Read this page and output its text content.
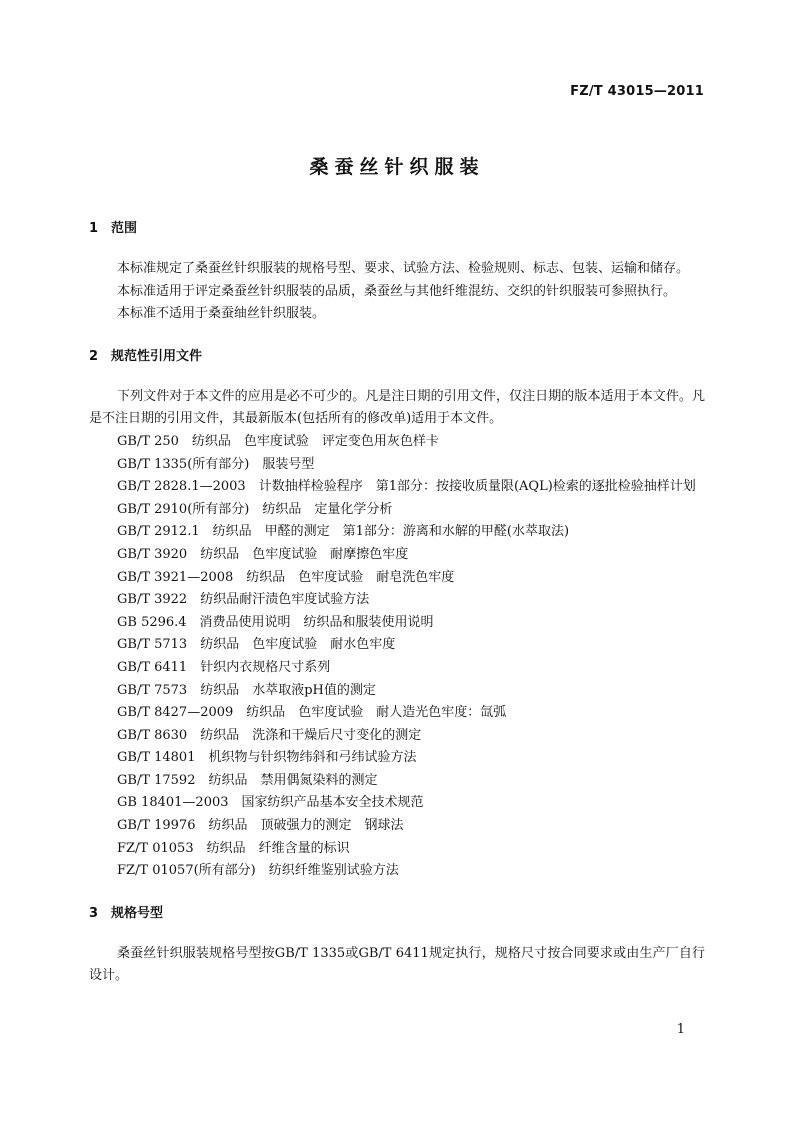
FZ/T 43015—2011
桑蚕丝针织服装
1 范围

本标准规定了桑蚕丝针织服装的规格号型、要求、试验方法、检验规则、标志、包装、运输和储存。

本标准适用于评定桑蚕丝针织服装的品质，桑蚕丝与其他纤维混纺、交织的针织服装可参照执行。

本标准不适用于桑蚕䌷丝针织服装。

2 规范性引用文件

下列文件对于本文件的应用是必不可少的。凡是注日期的引用文件，仅注日期的版本适用于本文件。凡是不注日期的引用文件，其最新版本(包括所有的修改单)适用于本文件。

GB/T 250　纺织品　色牢度试验　评定变色用灰色样卡

GB/T 1335(所有部分)　服装号型

GB/T 2828.1—2003　计数抽样检验程序　第1部分：按接收质量限(AQL)检索的逐批检验抽样计划

GB/T 2910(所有部分)　纺织品　定量化学分析

GB/T 2912.1　纺织品　甲醛的测定　第1部分：游离和水解的甲醛(水萃取法)

GB/T 3920　纺织品　色牢度试验　耐摩擦色牢度

GB/T 3921—2008　纺织品　色牢度试验　耐皂洗色牢度

GB/T 3922　纺织品耐汗渍色牢度试验方法

GB 5296.4　消费品使用说明　纺织品和服装使用说明

GB/T 5713　纺织品　色牢度试验　耐水色牢度

GB/T 6411　针织内衣规格尺寸系列

GB/T 7573　纺织品　水萃取液pH值的测定

GB/T 8427—2009　纺织品　色牢度试验　耐人造光色牢度：氙弧

GB/T 8630　纺织品　洗涤和干燥后尺寸变化的测定

GB/T 14801　机织物与针织物纬斜和弓纬试验方法

GB/T 17592　纺织品　禁用偶氮染料的测定

GB 18401—2003　国家纺织产品基本安全技术规范

GB/T 19976　纺织品　顶破强力的测定　钢球法

FZ/T 01053　纺织品　纤维含量的标识

FZ/T 01057(所有部分)　纺织纤维鉴别试验方法

3 规格号型

桑蚕丝针织服装规格号型按GB/T 1335或GB/T 6411规定执行，规格尺寸按合同要求或由生产厂自行设计。

1
